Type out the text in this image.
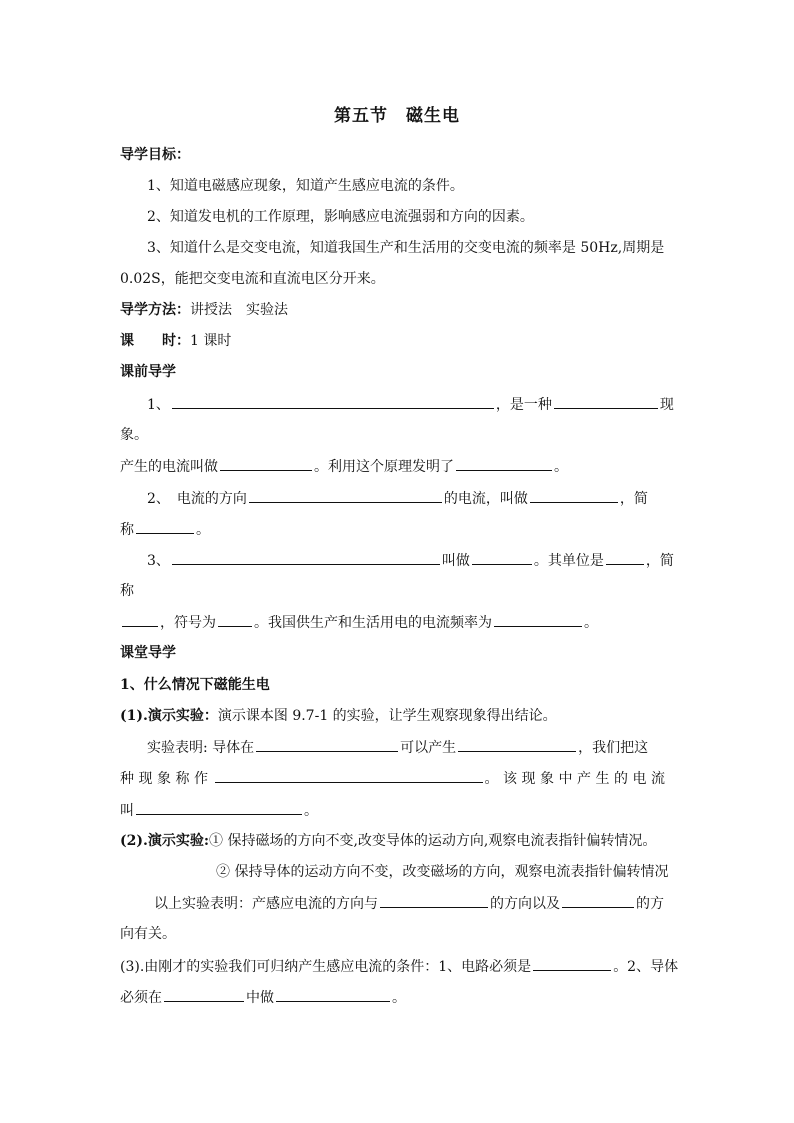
第五节　磁生电
导学目标：
1、知道电磁感应现象，知道产生感应电流的条件。
2、知道发电机的工作原理，影响感应电流强弱和方向的因素。
3、知道什么是交变电流，知道我国生产和生活用的交变电流的频率是 50Hz,周期是
0.02S，能把交变电流和直流电区分开来。
导学方法：讲授法　实验法
课　　时：1 课时
课前导学
1、	，是一种	现
象。
产生的电流叫做	。利用这个原理发明了	。
2、　电流的方向	的电流，叫做	，简
称	。
3、	叫做	。其单位是	，简
称
，符号为	。我国供生产和生活用电的电流频率为	。
课堂导学
1、什么情况下磁能生电
(1).演示实验：演示课本图 9.7-1 的实验，让学生观察现象得出结论。
实验表明: 导体在	可以产生	，我们把这
种现象称作	。该现象中产生的电流
叫	。
(2).演示实验:① 保持磁场的方向不变,改变导体的运动方向,观察电流表指针偏转情况。
② 保持导体的运动方向不变，改变磁场的方向，观察电流表指针偏转情况
以上实验表明：产感应电流的方向与	的方向以及	的方
向有关。
(3).由刚才的实验我们可归纳产生感应电流的条件：1、电路必须是	。2、导体
必须在	中做	。
